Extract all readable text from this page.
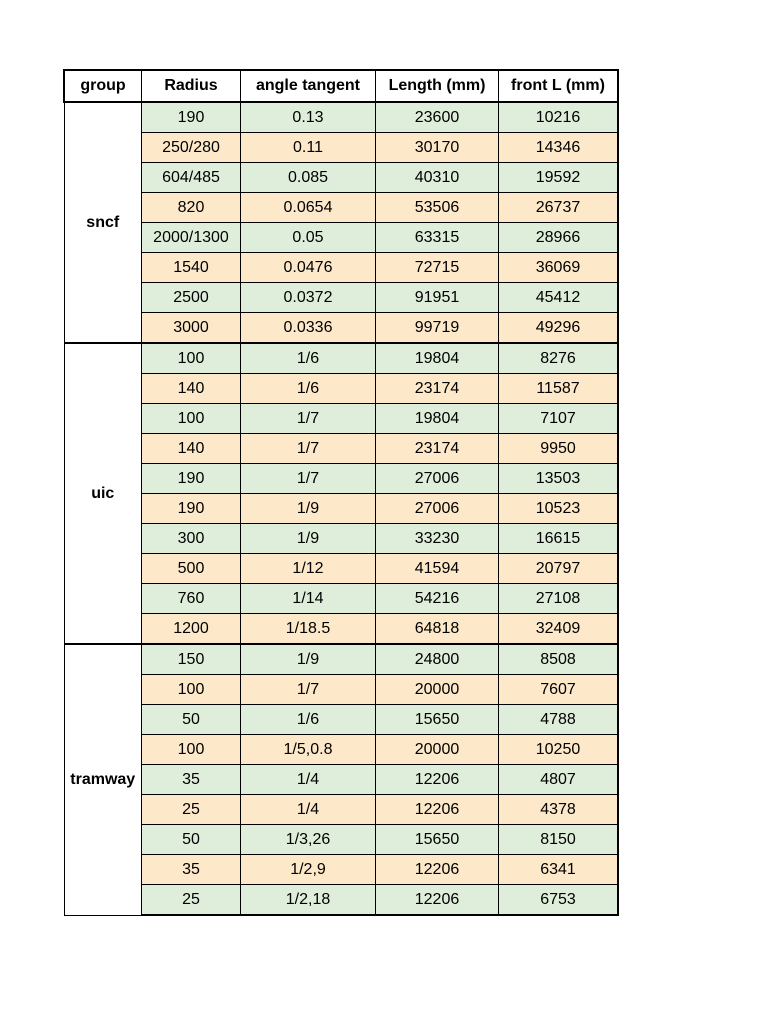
group	Radius	angle tangent	Length (mm)	front L (mm)
sncf	190	0.13	23600	10216
	250/280	0.11	30170	14346
	604/485	0.085	40310	19592
	820	0.0654	53506	26737
	2000/1300	0.05	63315	28966
	1540	0.0476	72715	36069
	2500	0.0372	91951	45412
	3000	0.0336	99719	49296
uic	100	1/6	19804	8276
	140	1/6	23174	11587
	100	1/7	19804	7107
	140	1/7	23174	9950
	190	1/7	27006	13503
	190	1/9	27006	10523
	300	1/9	33230	16615
	500	1/12	41594	20797
	760	1/14	54216	27108
	1200	1/18.5	64818	32409
tramway	150	1/9	24800	8508
	100	1/7	20000	7607
	50	1/6	15650	4788
	100	1/5,0.8	20000	10250
	35	1/4	12206	4807
	25	1/4	12206	4378
	50	1/3,26	15650	8150
	35	1/2,9	12206	6341
	25	1/2,18	12206	6753
